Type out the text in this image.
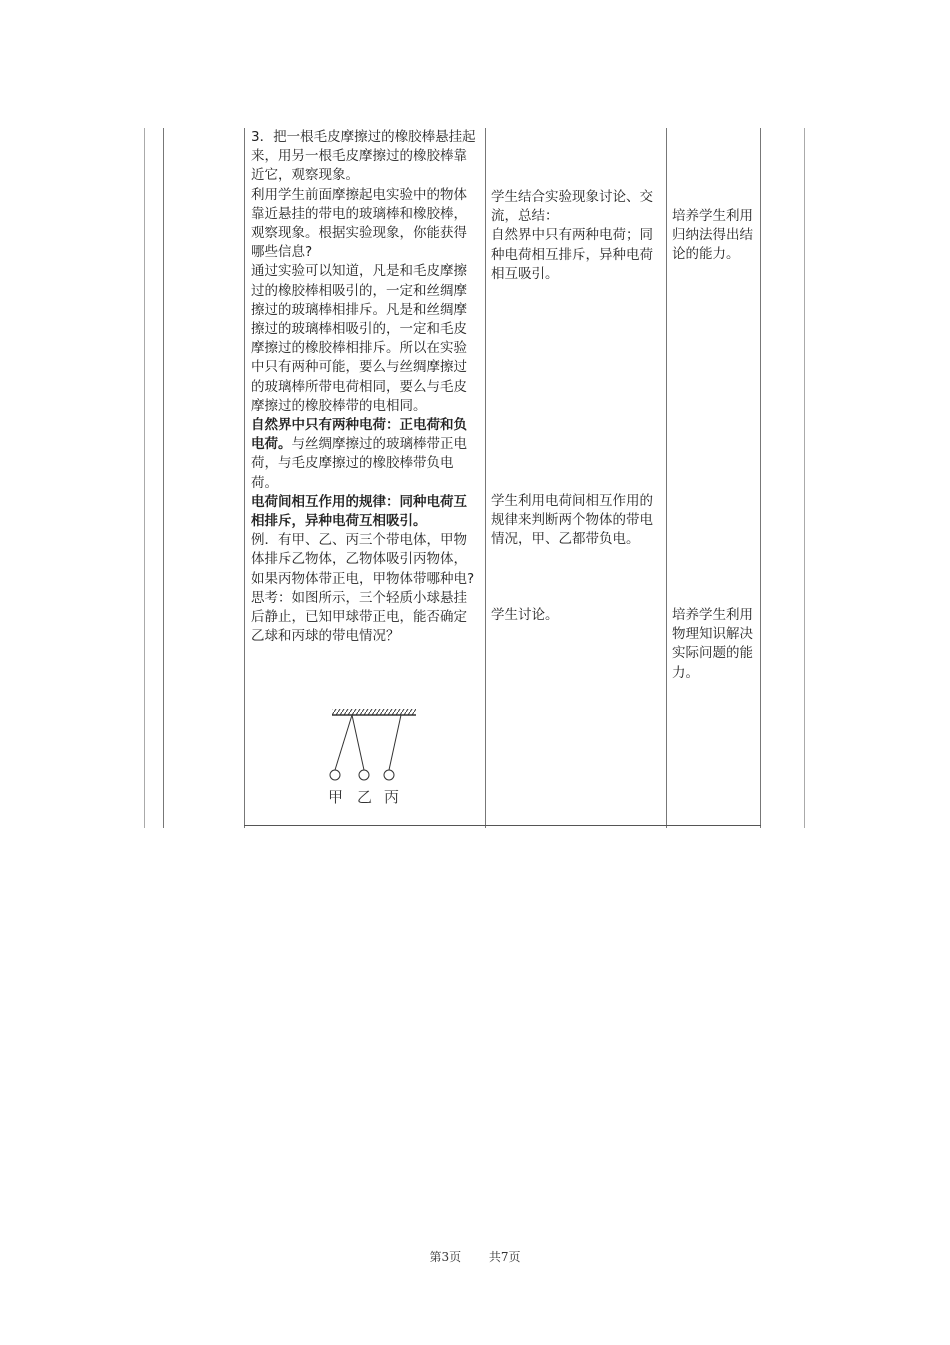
3．把一根毛皮摩擦过的橡胶棒悬挂起来，用另一根毛皮摩擦过的橡胶棒靠近它，观察现象。

利用学生前面摩擦起电实验中的物体靠近悬挂的带电的玻璃棒和橡胶棒，观察现象。根据实验现象，你能获得哪些信息?

通过实验可以知道，凡是和毛皮摩擦过的橡胶棒相吸引的，一定和丝绸摩擦过的玻璃棒相排斥。凡是和丝绸摩擦过的玻璃棒相吸引的，一定和毛皮摩擦过的橡胶棒相排斥。所以在实验中只有两种可能，要么与丝绸摩擦过的玻璃棒所带电荷相同，要么与毛皮摩擦过的橡胶棒带的电相同。

自然界中只有两种电荷：正电荷和负电荷。与丝绸摩擦过的玻璃棒带正电荷，与毛皮摩擦过的橡胶棒带负电荷。

电荷间相互作用的规律：同种电荷互相排斥，异种电荷互相吸引。

例．有甲、乙、丙三个带电体，甲物体排斥乙物体，乙物体吸引丙物体，如果丙物体带正电，甲物体带哪种电?

思考：如图所示，三个轻质小球悬挂后静止，已知甲球带正电，能否确定乙球和丙球的带电情况？

甲 乙 丙

学生结合实验现象讨论、交流，总结：

自然界中只有两种电荷；同种电荷相互排斥，异种电荷相互吸引。

学生利用电荷间相互作用的规律来判断两个物体的带电情况，甲、乙都带负电。

学生讨论。

培养学生利用归纳法得出结论的能力。

培养学生利用物理知识解决实际问题的能力。

第3页 共7页
